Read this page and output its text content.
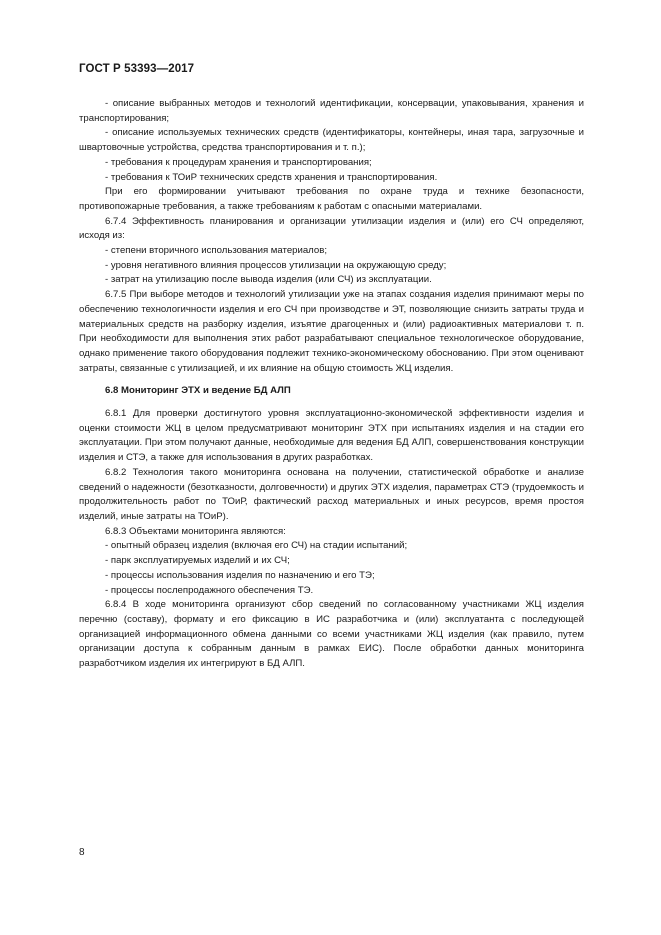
ГОСТ Р 53393—2017

- описание выбранных методов и технологий идентификации, консервации, упаковывания, хранения и транспортирования;

- описание используемых технических средств (идентификаторы, контейнеры, иная тара, загрузочные и швартовочные устройства, средства транспортирования и т. п.);

- требования к процедурам хранения и транспортирования;

- требования к ТОиР технических средств хранения и транспортирования.

При его формировании учитывают требования по охране труда и технике безопасности, противопожарные требования, а также требованиям к работам с опасными материалами.

6.7.4 Эффективность планирования и организации утилизации изделия и (или) его СЧ определяют, исходя из:

- степени вторичного использования материалов;

- уровня негативного влияния процессов утилизации на окружающую среду;

- затрат на утилизацию после вывода изделия (или СЧ) из эксплуатации.

6.7.5 При выборе методов и технологий утилизации уже на этапах создания изделия принимают меры по обеспечению технологичности изделия и его СЧ при производстве и ЭТ, позволяющие снизить затраты труда и материальных средств на разборку изделия, изъятие драгоценных и (или) радиоактивных материалови т. п. При необходимости для выполнения этих работ разрабатывают специальное технологическое оборудование, однако применение такого оборудования подлежит технико-экономическому обоснованию. При этом оценивают затраты, связанные с утилизацией, и их влияние на общую стоимость ЖЦ изделия.

6.8 Мониторинг ЭТХ и ведение БД АЛП

6.8.1 Для проверки достигнутого уровня эксплуатационно-экономической эффективности изделия и оценки стоимости ЖЦ в целом предусматривают мониторинг ЭТХ при испытаниях изделия и на стадии его эксплуатации. При этом получают данные, необходимые для ведения БД АЛП, совершенствования конструкции изделия и СТЭ, а также для использования в других разработках.

6.8.2 Технология такого мониторинга основана на получении, статистической обработке и анализе сведений о надежности (безотказности, долговечности) и других ЭТХ изделия, параметрах СТЭ (трудоемкость и продолжительность работ по ТОиР, фактический расход материальных и иных ресурсов, время простоя изделий, иные затраты на ТОиР).

6.8.3 Объектами мониторинга являются:

- опытный образец изделия (включая его СЧ) на стадии испытаний;

- парк эксплуатируемых изделий и их СЧ;

- процессы использования изделия по назначению и его ТЭ;

- процессы послепродажного обеспечения ТЭ.

6.8.4 В ходе мониторинга организуют сбор сведений по согласованному участниками ЖЦ изделия перечню (составу), формату и его фиксацию в ИС разработчика и (или) эксплуатанта с последующей организацией информационного обмена данными со всеми участниками ЖЦ изделия (как правило, путем организации доступа к собранным данным в рамках ЕИС). После обработки данных мониторинга разработчиком изделия их интегрируют в БД АЛП.

8
